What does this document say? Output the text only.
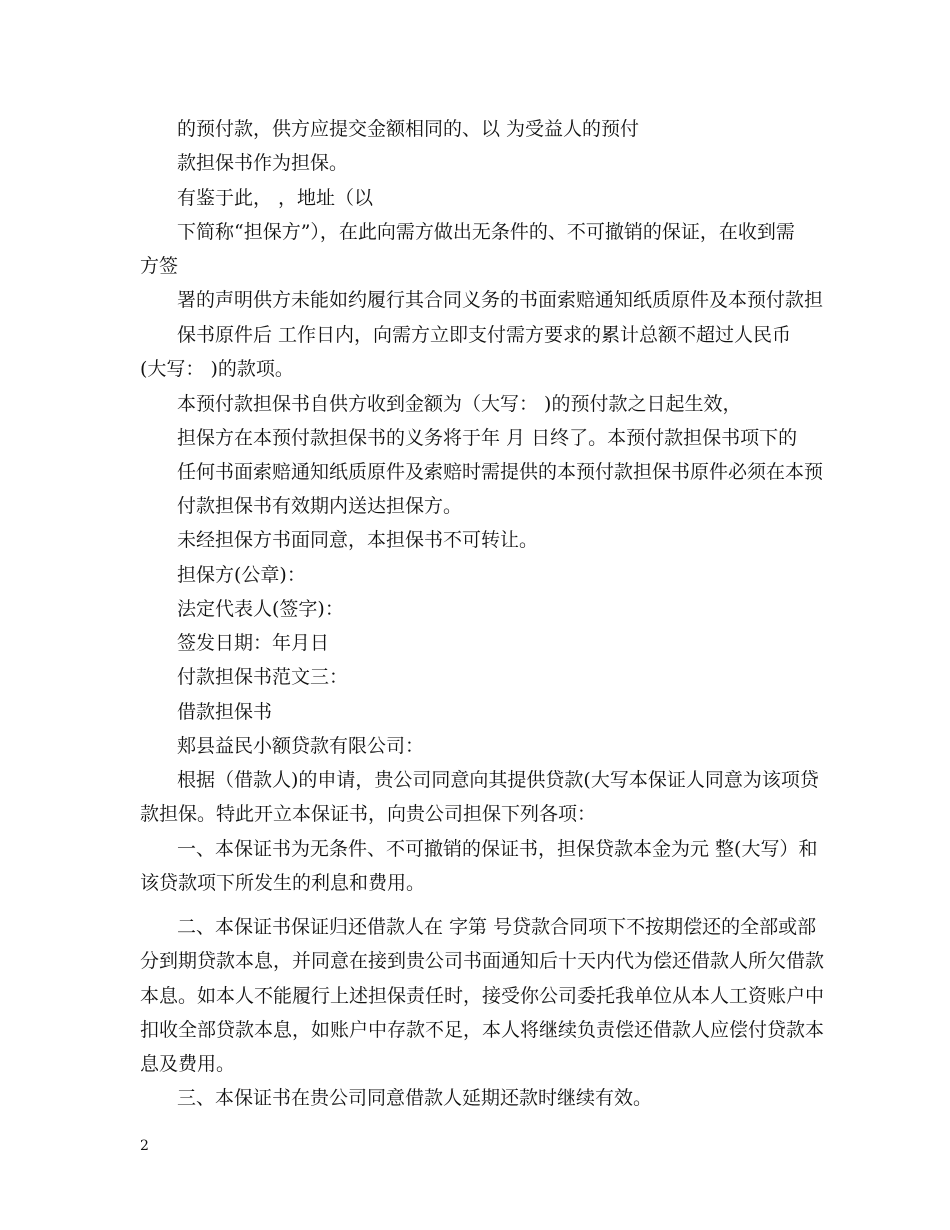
的预付款，供方应提交金额相同的、以 为受益人的预付

款担保书作为担保。

有鉴于此， ，地址（以

下简称“担保方”），在此向需方做出无条件的、不可撤销的保证，在收到需

方签

署的声明供方未能如约履行其合同义务的书面索赔通知纸质原件及本预付款担

保书原件后 工作日内，向需方立即支付需方要求的累计总额不超过人民币

(大写： )的款项。

本预付款担保书自供方收到金额为（大写： )的预付款之日起生效，

担保方在本预付款担保书的义务将于年 月 日终了。本预付款担保书项下的

任何书面索赔通知纸质原件及索赔时需提供的本预付款担保书原件必须在本预

付款担保书有效期内送达担保方。

未经担保方书面同意，本担保书不可转让。

担保方(公章)：

法定代表人(签字)：

签发日期：年月日

付款担保书范文三：

借款担保书

郏县益民小额贷款有限公司：

根据（借款人)的申请，贵公司同意向其提供贷款(大写本保证人同意为该项贷

款担保。特此开立本保证书，向贵公司担保下列各项：

一、本保证书为无条件、不可撤销的保证书，担保贷款本金为元 整(大写）和

该贷款项下所发生的利息和费用。

二、本保证书保证归还借款人在 字第 号贷款合同项下不按期偿还的全部或部

分到期贷款本息，并同意在接到贵公司书面通知后十天内代为偿还借款人所欠借款

本息。如本人不能履行上述担保责任时，接受你公司委托我单位从本人工资账户中

扣收全部贷款本息，如账户中存款不足，本人将继续负责偿还借款人应偿付贷款本

息及费用。

三、本保证书在贵公司同意借款人延期还款时继续有效。

2
